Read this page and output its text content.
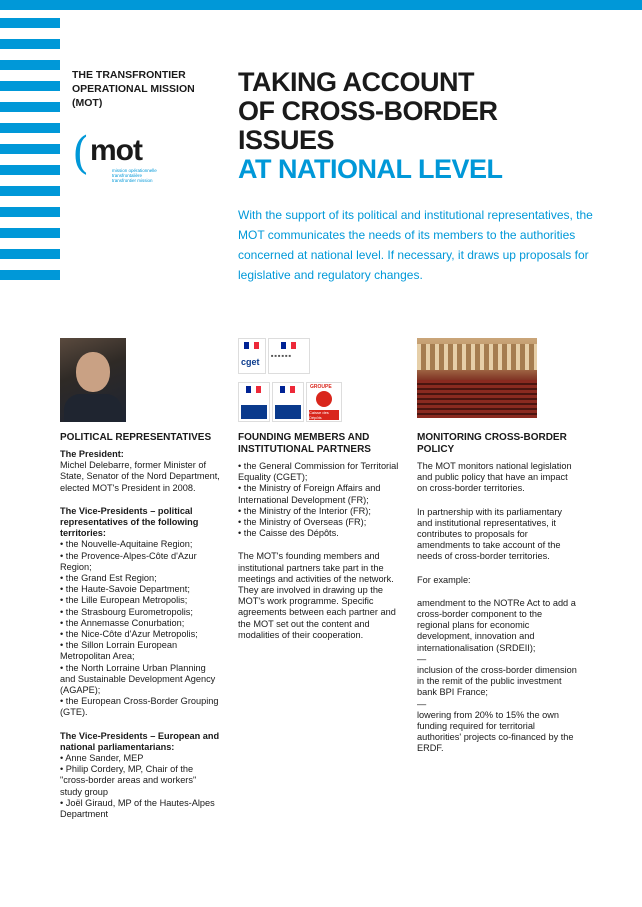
THE TRANSFRONTIER
OPERATIONAL MISSION
(MOT)
( mot
mission opérationnelle
transfrontalière
transfrontier mission
TAKING ACCOUNT
OF CROSS-BORDER
ISSUES
AT NATIONAL LEVEL
With the support of its political and institutional representatives, the MOT communicates the needs of its members to the authorities concerned at national level. If necessary, it draws up proposals for legislative and regulatory changes.
cget
■ ■ ■ ■ ■ ■
GROUPE
Caisse des Dépôts
POLITICAL REPRESENTATIVES

The President:
Michel Delebarre, former Minister of State, Senator of the Nord Department, elected MOT's President in 2008.

The Vice-Presidents – political representatives of the following territories:
• the Nouvelle-Aquitaine Region;
• the Provence-Alpes-Côte d'Azur Region;
• the Grand Est Region;
• the Haute-Savoie Department;
• the Lille European Metropolis;
• the Strasbourg Eurometropolis;
• the Annemasse Conurbation;
• the Nice-Côte d'Azur Metropolis;
• the Sillon Lorrain European Metropolitan Area;
• the North Lorraine Urban Planning and Sustainable Development Agency (AGAPE);
• the European Cross-Border Grouping (GTE).
The Vice-Presidents – European and national parliamentarians:
• Anne Sander, MEP
• Philip Cordery, MP, Chair of the "cross-border areas and workers" study group
• Joël Giraud, MP of the Hautes-Alpes Department
FOUNDING MEMBERS AND INSTITUTIONAL PARTNERS
• the General Commission for Territorial Equality (CGET);
• the Ministry of Foreign Affairs and International Development (FR);
• the Ministry of the Interior (FR);
• the Ministry of Overseas (FR);
• the Caisse des Dépôts.

The MOT's founding members and institutional partners take part in the meetings and activities of the network. They are involved in drawing up the MOT's work programme. Specific agreements between each partner and the MOT set out the content and modalities of their cooperation.

MONITORING CROSS-BORDER POLICY

The MOT monitors national legislation and public policy that have an impact on cross-border territories.

In partnership with its parliamentary and institutional representatives, it contributes to proposals for amendments to take account of the needs of cross-border territories.

For example:

amendment to the NOTRe Act to add a cross-border component to the regional plans for economic development, innovation and internationalisation (SRDEII);

—

inclusion of the cross-border dimension in the remit of the public investment bank BPI France;

—

lowering from 20% to 15% the own funding required for territorial authorities' projects co-financed by the ERDF.
